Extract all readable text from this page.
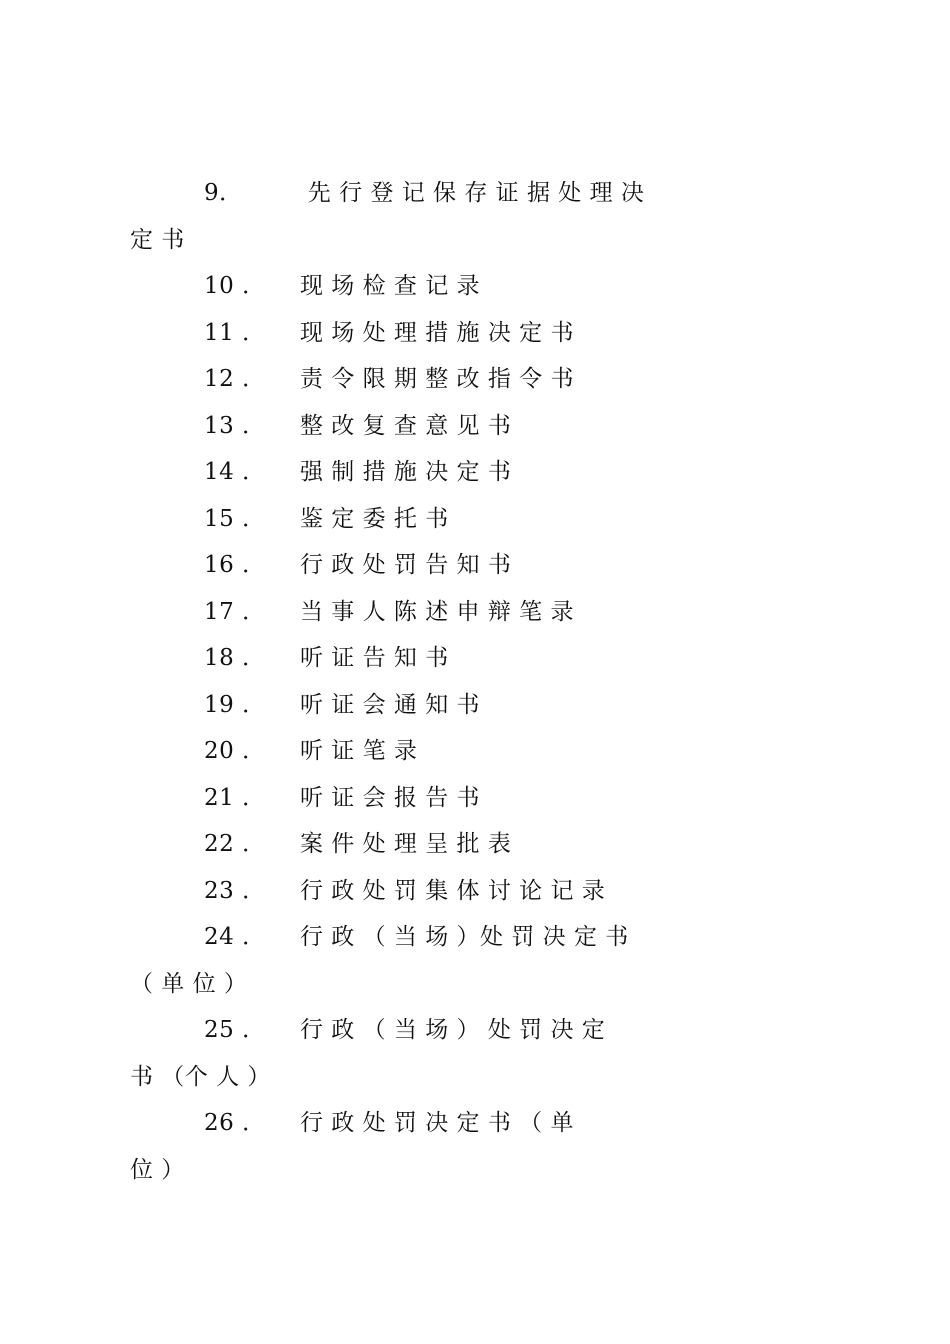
9． 先 行 登 记 保 存 证 据 处 理 决
定 书
10 ． 现 场 检 查 记 录
11 ． 现 场 处 理 措 施 决 定 书
12 ． 责 令 限 期 整 改 指 令 书
13 ． 整 改 复 查 意 见 书
14 ． 强 制 措 施 决 定 书
15 ． 鉴 定 委 托 书
16 ． 行 政 处 罚 告 知 书
17 ． 当 事 人 陈 述 申 辩 笔 录
18 ． 听 证 告 知 书
19 ． 听 证 会 通 知 书
20 ． 听 证 笔 录
21 ． 听 证 会 报 告 书
22 ． 案 件 处 理 呈 批 表
23 ． 行 政 处 罚 集 体 讨 论 记 录
24 ． 行 政 （ 当 场 ）处 罚 决 定 书
（ 单 位 ）
25 ． 行 政 （ 当 场 ） 处 罚 决 定
书 （个 人 ）
26 ． 行 政 处 罚 决 定 书 （ 单
位 ）
